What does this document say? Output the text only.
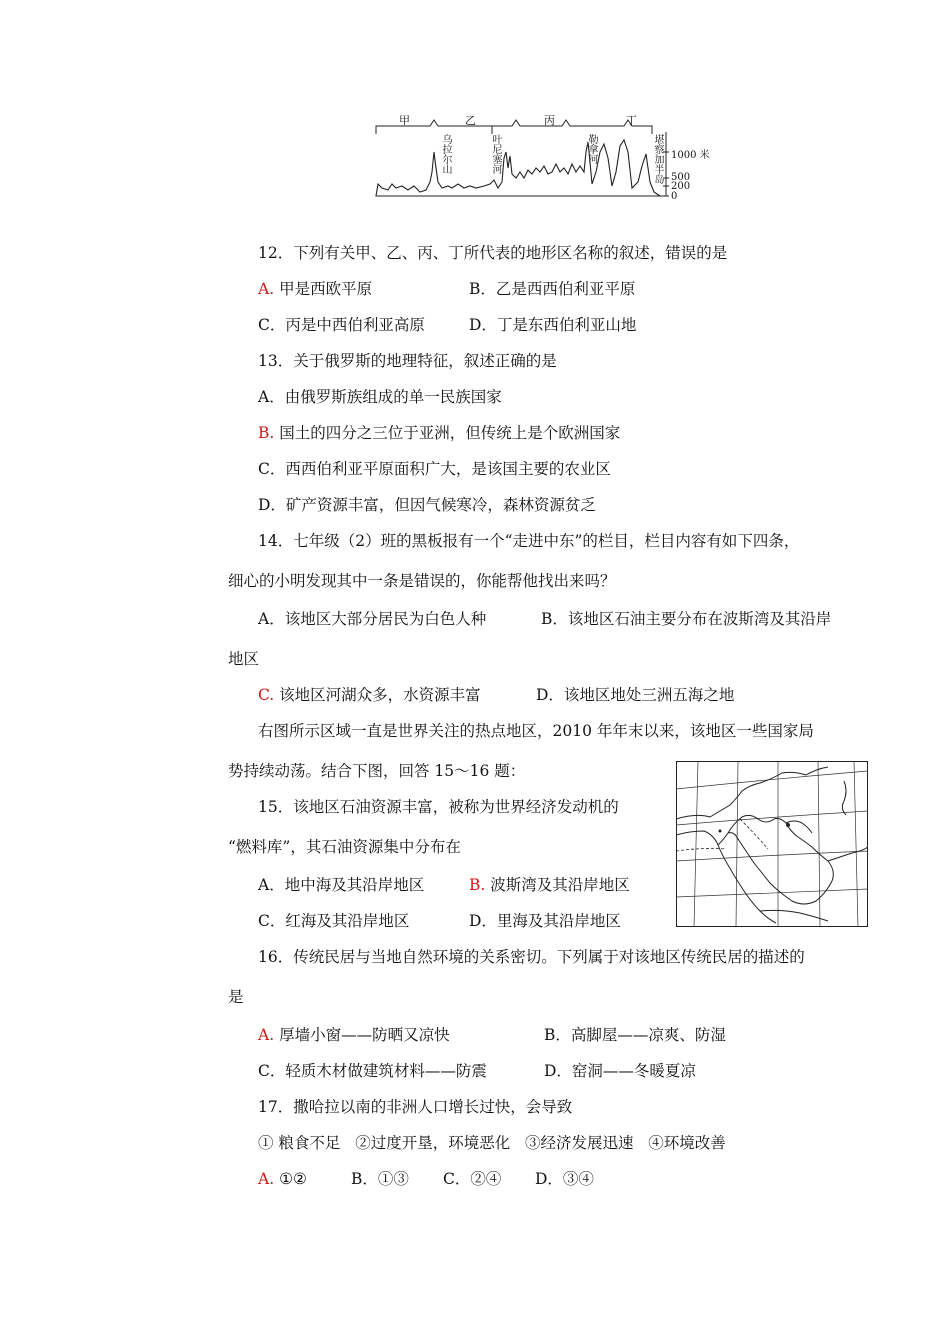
甲	乙	丙	丁
乌拉尔山	叶尼塞河	勒拿河	堪察加半岛 1000 米
500
200
0
12．下列有关甲、乙、丙、丁所代表的地形区名称的叙述，错误的是
A. 甲是西欧平原	B．乙是西西伯利亚平原
C．丙是中西伯利亚高原	D．丁是东西伯利亚山地
13．关于俄罗斯的地理特征，叙述正确的是
A．由俄罗斯族组成的单一民族国家
B. 国土的四分之三位于亚洲，但传统上是个欧洲国家
C．西西伯利亚平原面积广大，是该国主要的农业区
D．矿产资源丰富，但因气候寒冷，森林资源贫乏
14．七年级（2）班的黑板报有一个“走进中东”的栏目，栏目内容有如下四条，
细心的小明发现其中一条是错误的，你能帮他找出来吗？
A．该地区大部分居民为白色人种	B．该地区石油主要分布在波斯湾及其沿岸
地区
C. 该地区河湖众多，水资源丰富	D．该地区地处三洲五海之地
右图所示区域一直是世界关注的热点地区，2010 年年末以来，该地区一些国家局
势持续动荡。结合下图，回答 15～16 题：
15．该地区石油资源丰富，被称为世界经济发动机的
“燃料库”，其石油资源集中分布在
A．地中海及其沿岸地区	B. 波斯湾及其沿岸地区
C．红海及其沿岸地区	D．里海及其沿岸地区
16．传统民居与当地自然环境的关系密切。下列属于对该地区传统民居的描述的
是
A. 厚墙小窗——防晒又凉快	B．高脚屋——凉爽、防湿
C．轻质木材做建筑材料——防震	D．窑洞——冬暖夏凉
17．撒哈拉以南的非洲人口增长过快，会导致
① 粮食不足   ②过度开垦，环境恶化   ③经济发展迅速   ④环境改善
A. ①②	B．①③ C．②④ D．③④
